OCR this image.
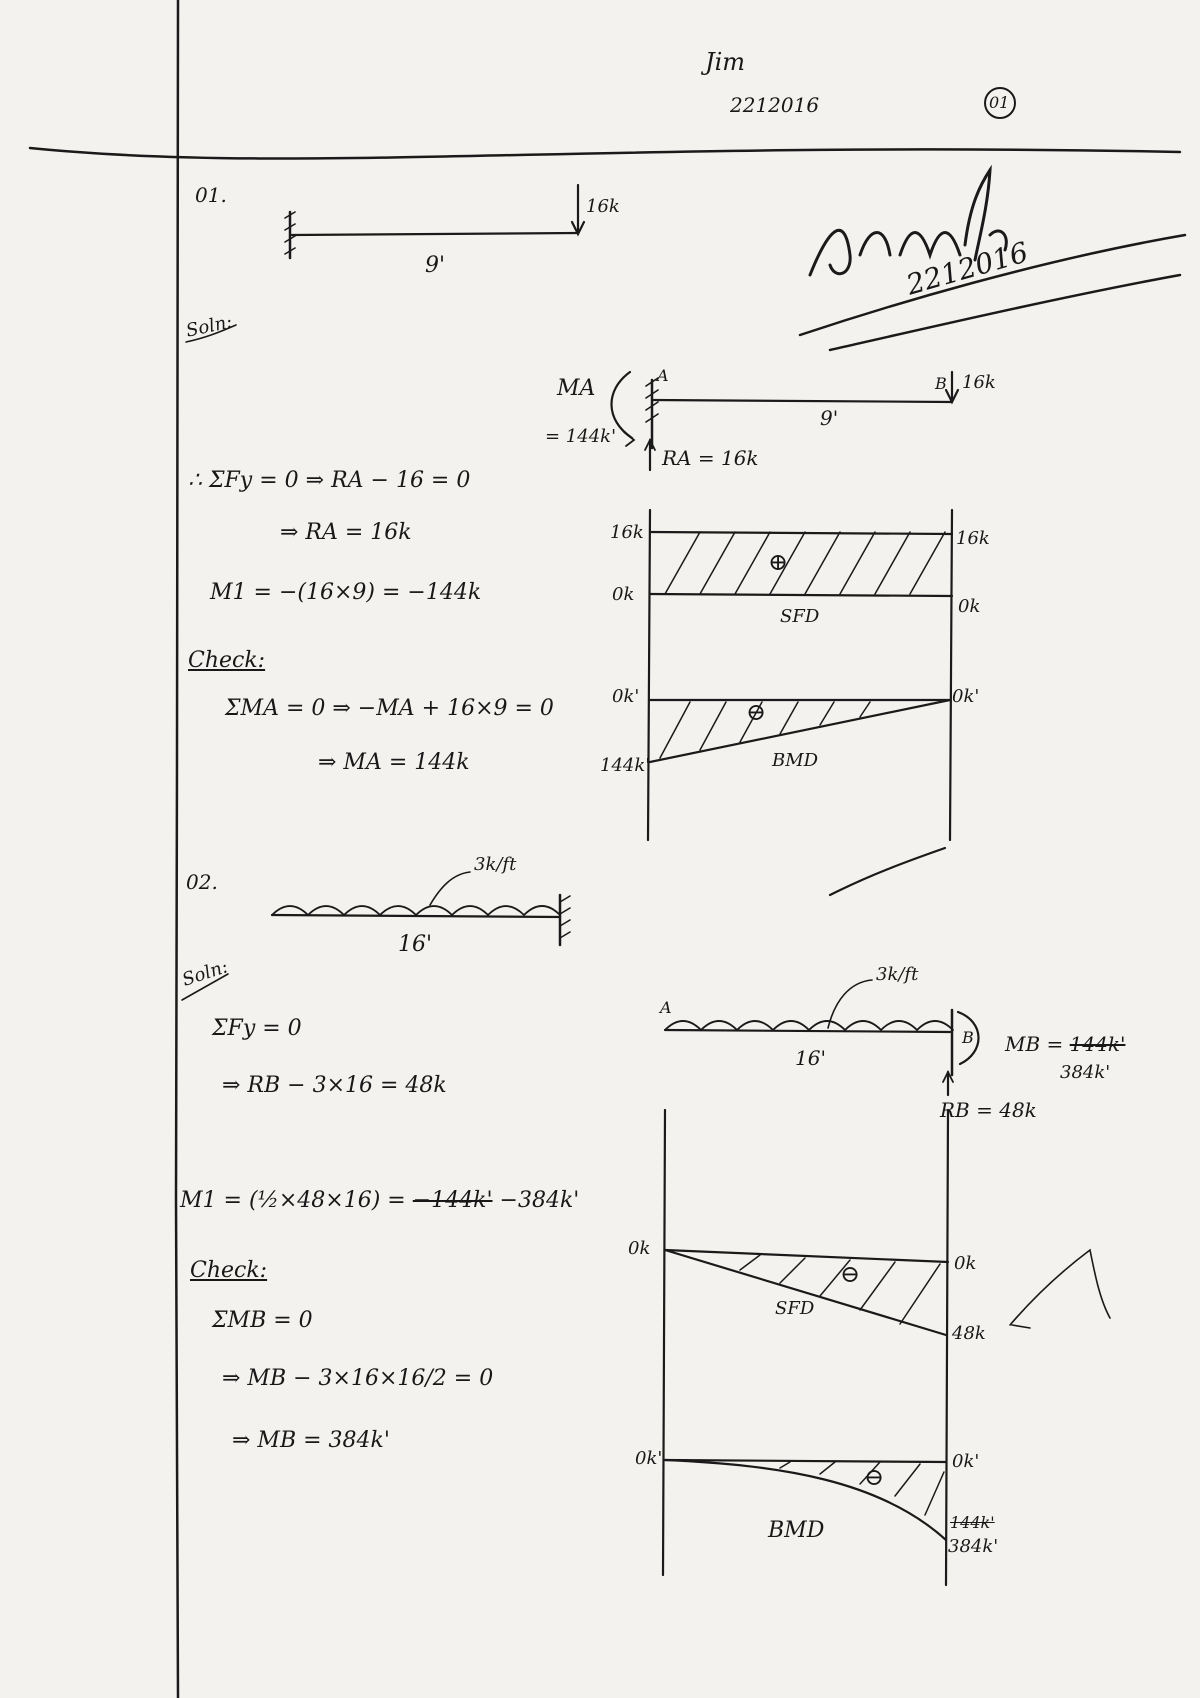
Jim
2212016	01
2212016
01.	16k
9'
Soln:
MA
= 144k'
A	B 16k
9'
RA = 16k
∴ ΣFy = 0 ⇒ RA − 16 = 0
⇒ RA = 16k
M1 = −(16×9) = −144k
Check:
ΣMA = 0 ⇒ −MA + 16×9 = 0
⇒ MA = 144k
16k
0k
16k
0k
⊕
SFD
0k'
144k'
0k'
⊖
BMD
02.
3k/ft
16'
Soln:
ΣFy = 0
⇒ RB − 3×16 = 48k
M1 = (½×48×16) = −144k' −384k'
Check:
ΣMB = 0
⇒ MB − 3×16×16/2 = 0
⇒ MB = 384k'
A
B
3k/ft
16'
MB = 144k'
384k'
RB = 48k
0k
0k
48k
⊖
SFD
0k'	0k'
144k'
384k'
⊖
BMD
